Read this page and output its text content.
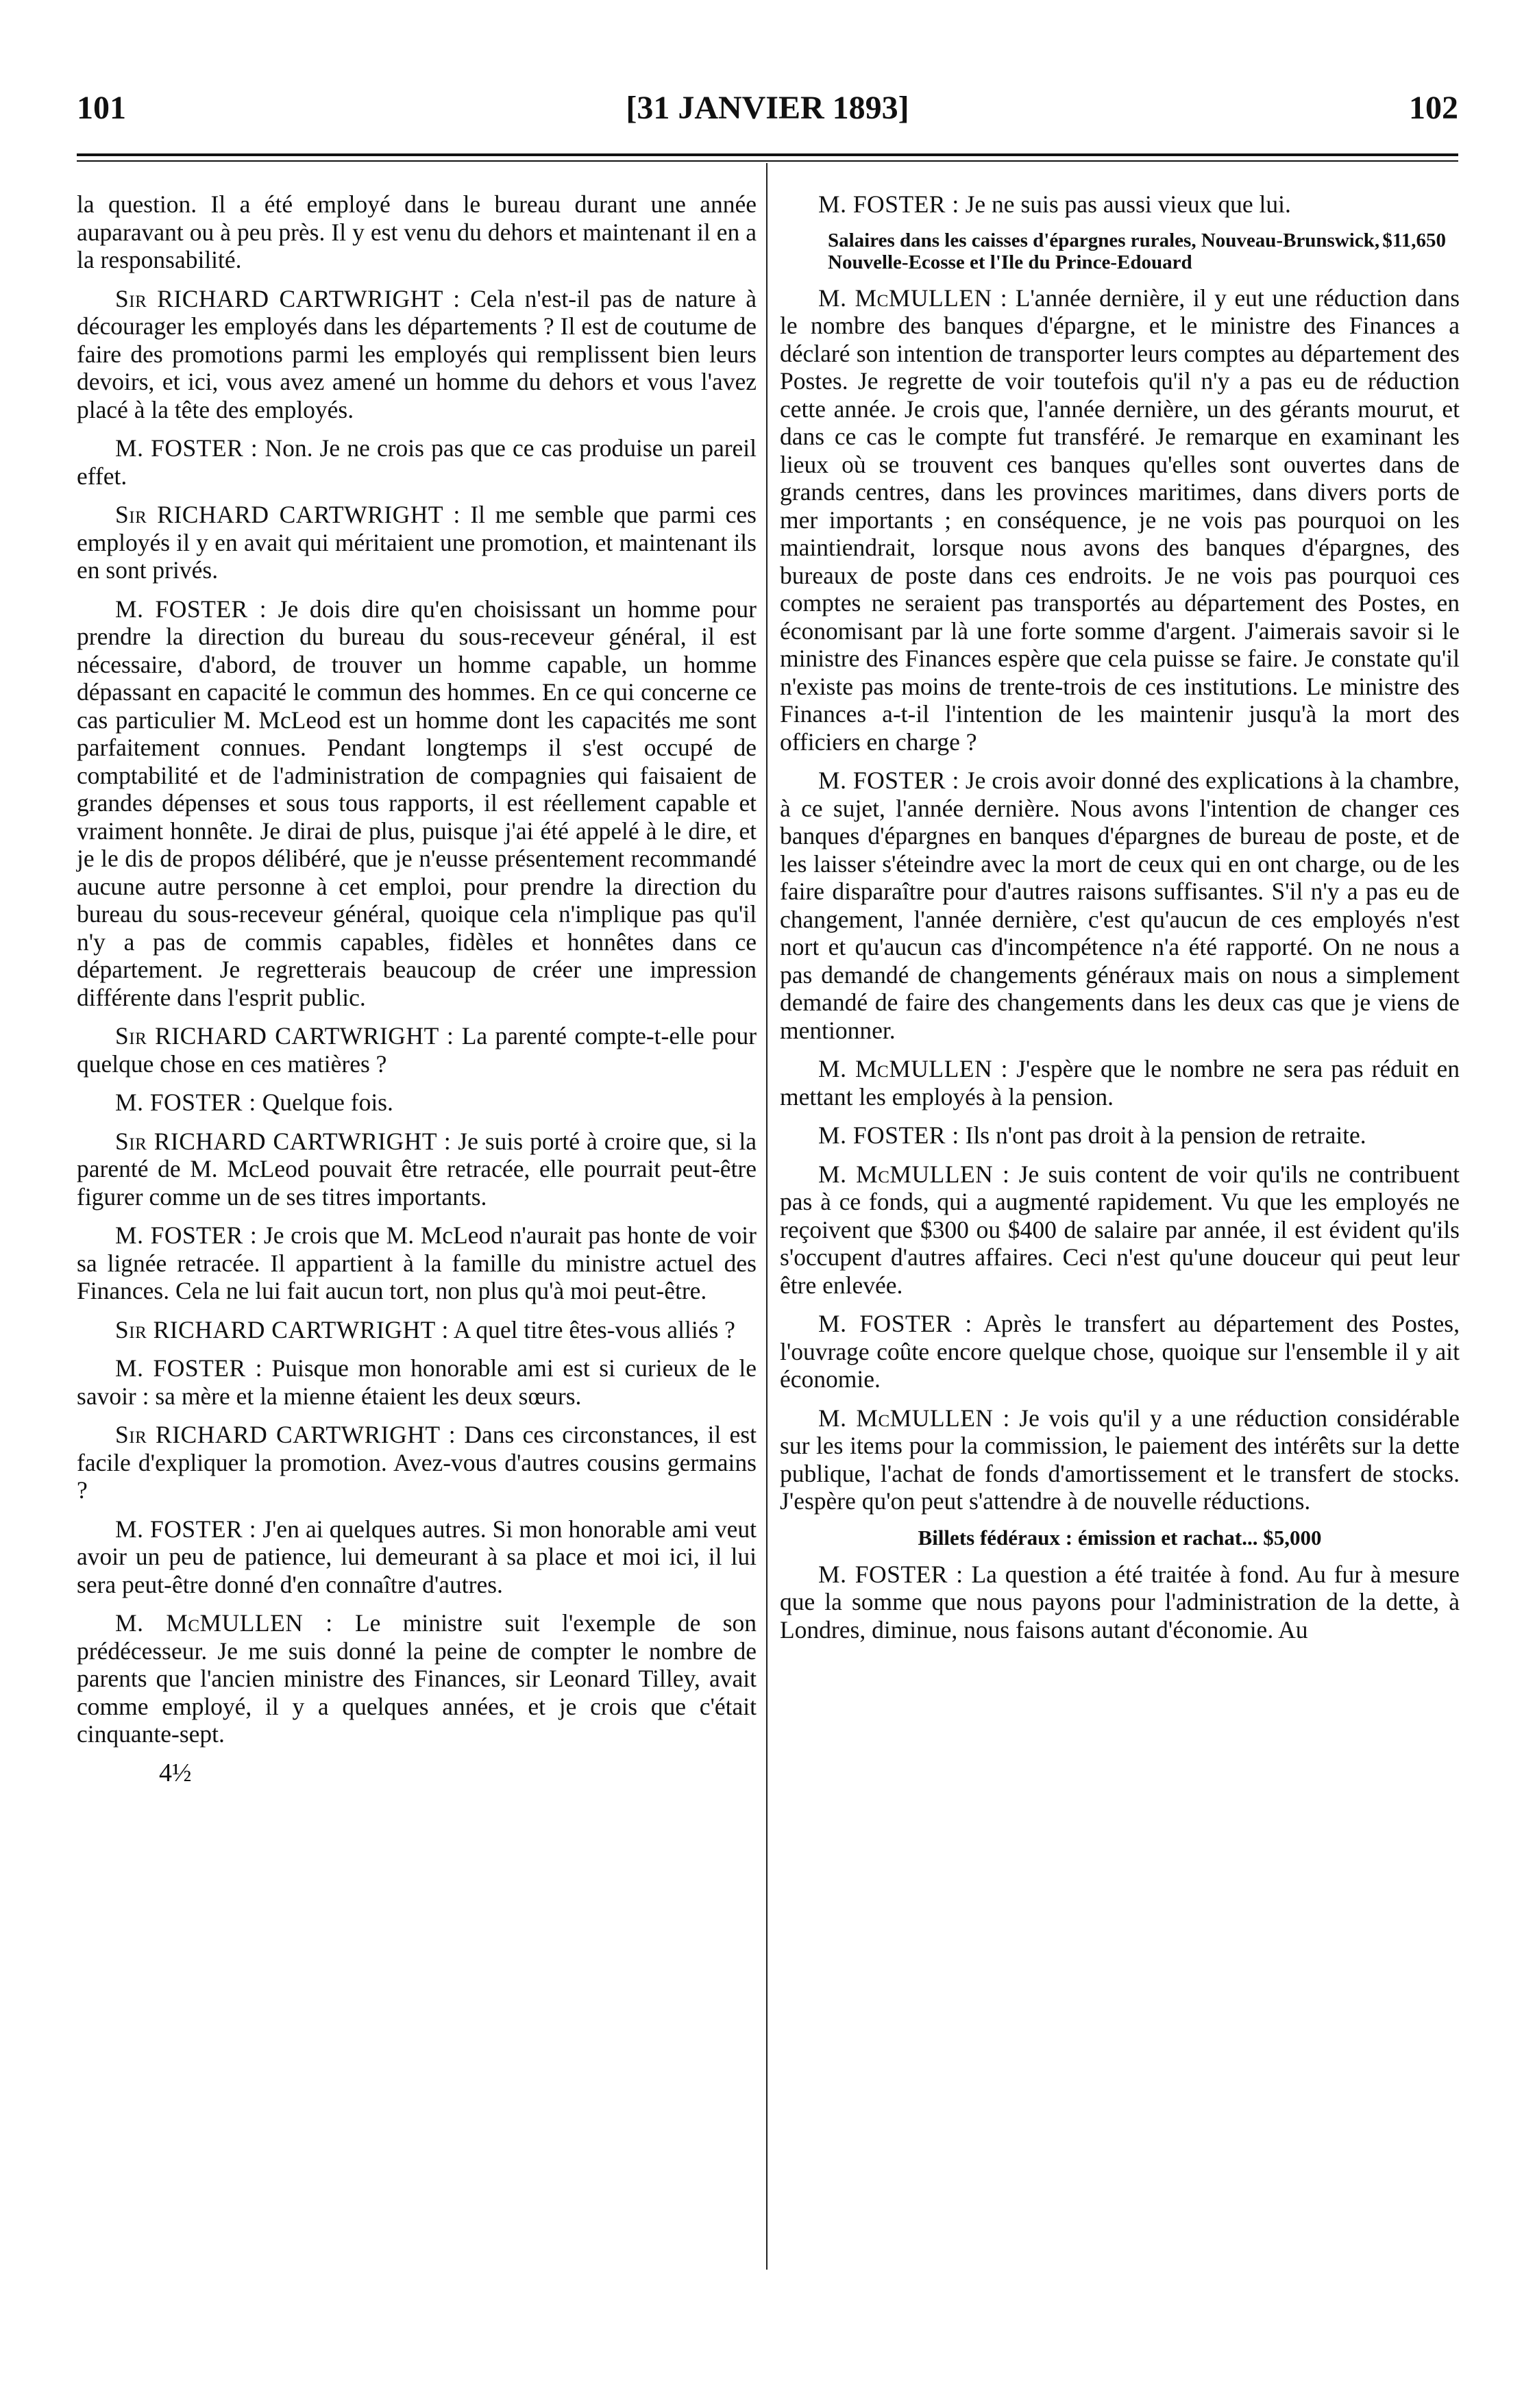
101	[31 JANVIER 1893]	102

la question. Il a été employé dans le bureau durant une année auparavant ou à peu près. Il y est venu du dehors et maintenant il en a la responsabilité.

Sir RICHARD CARTWRIGHT : Cela n'est-il pas de nature à décourager les employés dans les départements ? Il est de coutume de faire des promotions parmi les employés qui remplissent bien leurs devoirs, et ici, vous avez amené un homme du dehors et vous l'avez placé à la tête des employés.

M. FOSTER : Non. Je ne crois pas que ce cas produise un pareil effet.

Sir RICHARD CARTWRIGHT : Il me semble que parmi ces employés il y en avait qui méritaient une promotion, et maintenant ils en sont privés.

M. FOSTER : Je dois dire qu'en choisissant un homme pour prendre la direction du bureau du sous-receveur général, il est nécessaire, d'abord, de trouver un homme capable, un homme dépassant en capacité le commun des hommes. En ce qui concerne ce cas particulier M. McLeod est un homme dont les capacités me sont parfaitement connues. Pendant longtemps il s'est occupé de comptabilité et de l'administration de compagnies qui faisaient de grandes dépenses et sous tous rapports, il est réellement capable et vraiment honnête. Je dirai de plus, puisque j'ai été appelé à le dire, et je le dis de propos délibéré, que je n'eusse présentement recommandé aucune autre personne à cet emploi, pour prendre la direction du bureau du sous-receveur général, quoique cela n'implique pas qu'il n'y a pas de commis capables, fidèles et honnêtes dans ce département. Je regretterais beaucoup de créer une impression différente dans l'esprit public.

Sir RICHARD CARTWRIGHT : La parenté compte-t-elle pour quelque chose en ces matières ?

M. FOSTER : Quelque fois.

Sir RICHARD CARTWRIGHT : Je suis porté à croire que, si la parenté de M. McLeod pouvait être retracée, elle pourrait peut-être figurer comme un de ses titres importants.

M. FOSTER : Je crois que M. McLeod n'aurait pas honte de voir sa lignée retracée. Il appartient à la famille du ministre actuel des Finances. Cela ne lui fait aucun tort, non plus qu'à moi peut-être.

Sir RICHARD CARTWRIGHT : A quel titre êtes-vous alliés ?

M. FOSTER : Puisque mon honorable ami est si curieux de le savoir : sa mère et la mienne étaient les deux sœurs.

Sir RICHARD CARTWRIGHT : Dans ces circonstances, il est facile d'expliquer la promotion. Avez-vous d'autres cousins germains ?

M. FOSTER : J'en ai quelques autres. Si mon honorable ami veut avoir un peu de patience, lui demeurant à sa place et moi ici, il lui sera peut-être donné d'en connaître d'autres.

M. McMULLEN : Le ministre suit l'exemple de son prédécesseur. Je me suis donné la peine de compter le nombre de parents que l'ancien ministre des Finances, sir Leonard Tilley, avait comme employé, il y a quelques années, et je crois que c'était cinquante-sept.

4½

M. FOSTER : Je ne suis pas aussi vieux que lui.

$11,650
Salaires dans les caisses d'épargnes rurales, Nouveau-Brunswick, Nouvelle-Ecosse et l'Ile du Prince-Edouard

M. McMULLEN : L'année dernière, il y eut une réduction dans le nombre des banques d'épargne, et le ministre des Finances a déclaré son intention de transporter leurs comptes au département des Postes. Je regrette de voir toutefois qu'il n'y a pas eu de réduction cette année. Je crois que, l'année dernière, un des gérants mourut, et dans ce cas le compte fut transféré. Je remarque en examinant les lieux où se trouvent ces banques qu'elles sont ouvertes dans de grands centres, dans les provinces maritimes, dans divers ports de mer importants ; en conséquence, je ne vois pas pourquoi on les maintiendrait, lorsque nous avons des banques d'épargnes, des bureaux de poste dans ces endroits. Je ne vois pas pourquoi ces comptes ne seraient pas transportés au département des Postes, en économisant par là une forte somme d'argent. J'aimerais savoir si le ministre des Finances espère que cela puisse se faire. Je constate qu'il n'existe pas moins de trente-trois de ces institutions. Le ministre des Finances a-t-il l'intention de les maintenir jusqu'à la mort des officiers en charge ?

M. FOSTER : Je crois avoir donné des explications à la chambre, à ce sujet, l'année dernière. Nous avons l'intention de changer ces banques d'épargnes en banques d'épargnes de bureau de poste, et de les laisser s'éteindre avec la mort de ceux qui en ont charge, ou de les faire disparaître pour d'autres raisons suffisantes. S'il n'y a pas eu de changement, l'année dernière, c'est qu'aucun de ces employés n'est nort et qu'aucun cas d'incompétence n'a été rapporté. On ne nous a pas demandé de changements généraux mais on nous a simplement demandé de faire des changements dans les deux cas que je viens de mentionner.

M. McMULLEN : J'espère que le nombre ne sera pas réduit en mettant les employés à la pension.

M. FOSTER : Ils n'ont pas droit à la pension de retraite.

M. McMULLEN : Je suis content de voir qu'ils ne contribuent pas à ce fonds, qui a augmenté rapidement. Vu que les employés ne reçoivent que $300 ou $400 de salaire par année, il est évident qu'ils s'occupent d'autres affaires. Ceci n'est qu'une douceur qui peut leur être enlevée.

M. FOSTER : Après le transfert au département des Postes, l'ouvrage coûte encore quelque chose, quoique sur l'ensemble il y ait économie.

M. McMULLEN : Je vois qu'il y a une réduction considérable sur les items pour la commission, le paiement des intérêts sur la dette publique, l'achat de fonds d'amortissement et le transfert de stocks. J'espère qu'on peut s'attendre à de nouvelle réductions.

Billets fédéraux : émission et rachat... $5,000

M. FOSTER : La question a été traitée à fond. Au fur à mesure que la somme que nous payons pour l'administration de la dette, à Londres, diminue, nous faisons autant d'économie. Au
